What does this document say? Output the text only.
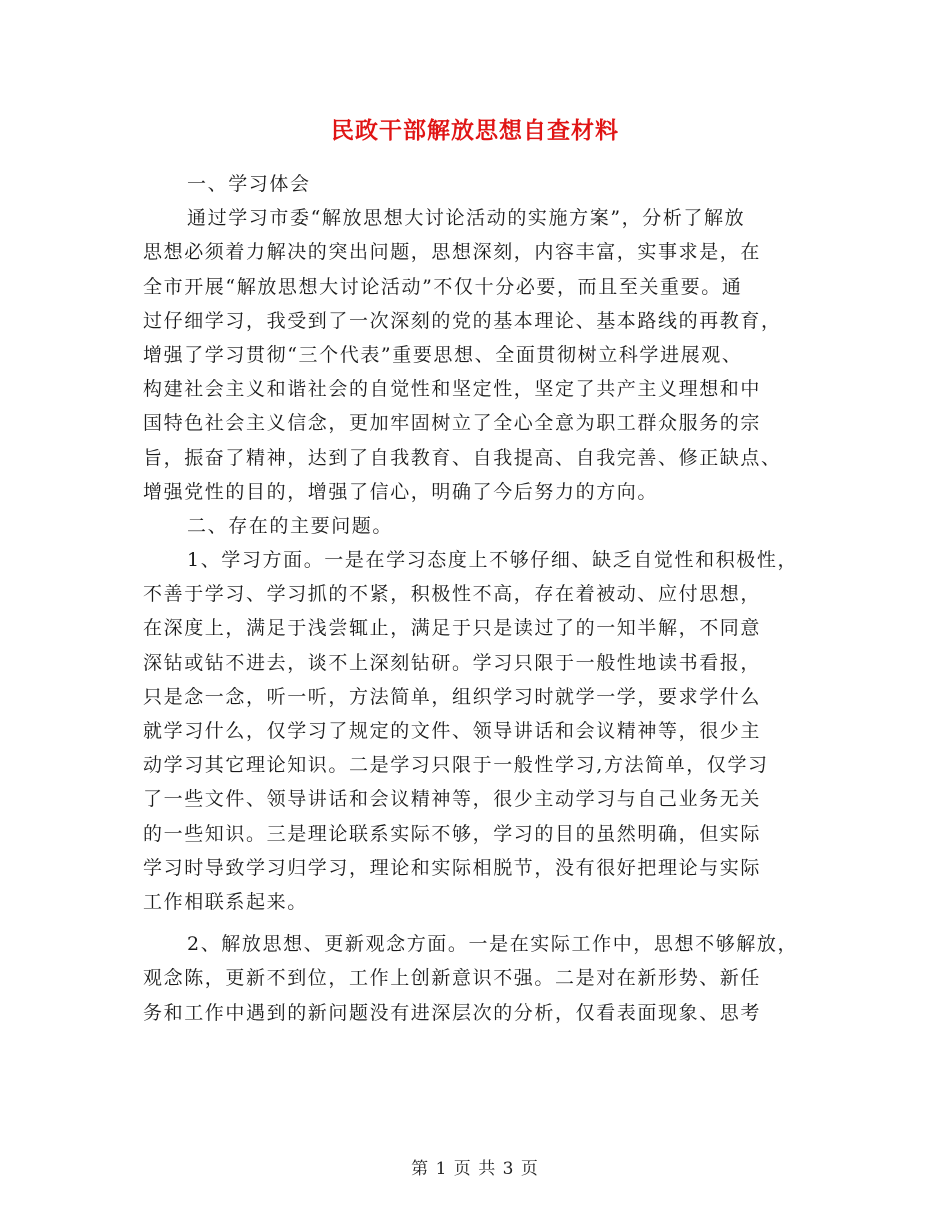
民政干部解放思想自查材料
一、学习体会
通过学习市委“解放思想大讨论活动的实施方案”，分析了解放
思想必须着力解决的突出问题，思想深刻，内容丰富，实事求是，在
全市开展“解放思想大讨论活动”不仅十分必要，而且至关重要。通
过仔细学习，我受到了一次深刻的党的基本理论、基本路线的再教育，
增强了学习贯彻“三个代表”重要思想、全面贯彻树立科学进展观、
构建社会主义和谐社会的自觉性和坚定性，坚定了共产主义理想和中
国特色社会主义信念，更加牢固树立了全心全意为职工群众服务的宗
旨，振奋了精神，达到了自我教育、自我提高、自我完善、修正缺点、
增强党性的目的，增强了信心，明确了今后努力的方向。
二、存在的主要问题。
1、学习方面。一是在学习态度上不够仔细、缺乏自觉性和积极性，
不善于学习、学习抓的不紧，积极性不高，存在着被动、应付思想，
在深度上，满足于浅尝辄止，满足于只是读过了的一知半解，不同意
深钻或钻不进去，谈不上深刻钻研。学习只限于一般性地读书看报，
只是念一念，听一听，方法简单，组织学习时就学一学，要求学什么
就学习什么，仅学习了规定的文件、领导讲话和会议精神等，很少主
动学习其它理论知识。二是学习只限于一般性学习,方法简单，仅学习
了一些文件、领导讲话和会议精神等，很少主动学习与自己业务无关
的一些知识。三是理论联系实际不够，学习的目的虽然明确，但实际
学习时导致学习归学习，理论和实际相脱节，没有很好把理论与实际
工作相联系起来。
2、解放思想、更新观念方面。一是在实际工作中，思想不够解放，
观念陈，更新不到位，工作上创新意识不强。二是对在新形势、新任
务和工作中遇到的新问题没有进深层次的分析，仅看表面现象、思考
第 1 页 共 3 页
